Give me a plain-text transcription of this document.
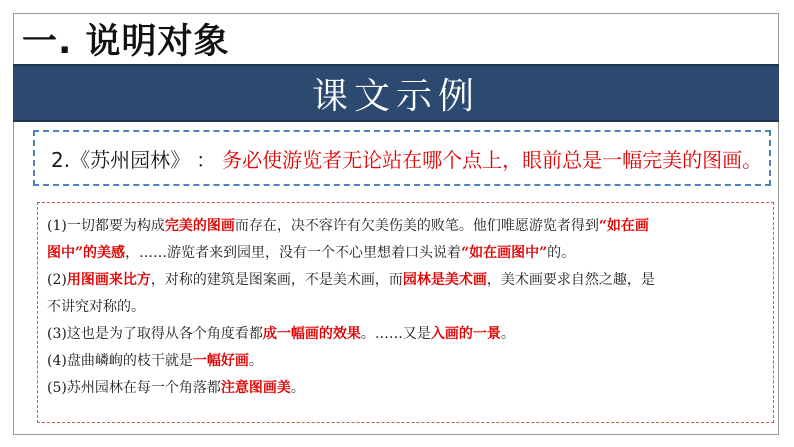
一. 说明对象
课文示例
2.《苏州园林》 ： 务必使游览者无论站在哪个点上，眼前总是一幅完美的图画。
(1)一切都要为构成完美的图画而存在，决不容许有欠美伤美的败笔。他们唯愿游览者得到“如在画
图中”的美感，……游览者来到园里，没有一个不心里想着口头说着“如在画图中”的。
(2)用图画来比方，对称的建筑是图案画，不是美术画，而园林是美术画，美术画要求自然之趣，是
不讲究对称的。
(3)这也是为了取得从各个角度看都成一幅画的效果。……又是入画的一景。
(4)盘曲嶙峋的枝干就是一幅好画。
(5)苏州园林在每一个角落都注意图画美。
